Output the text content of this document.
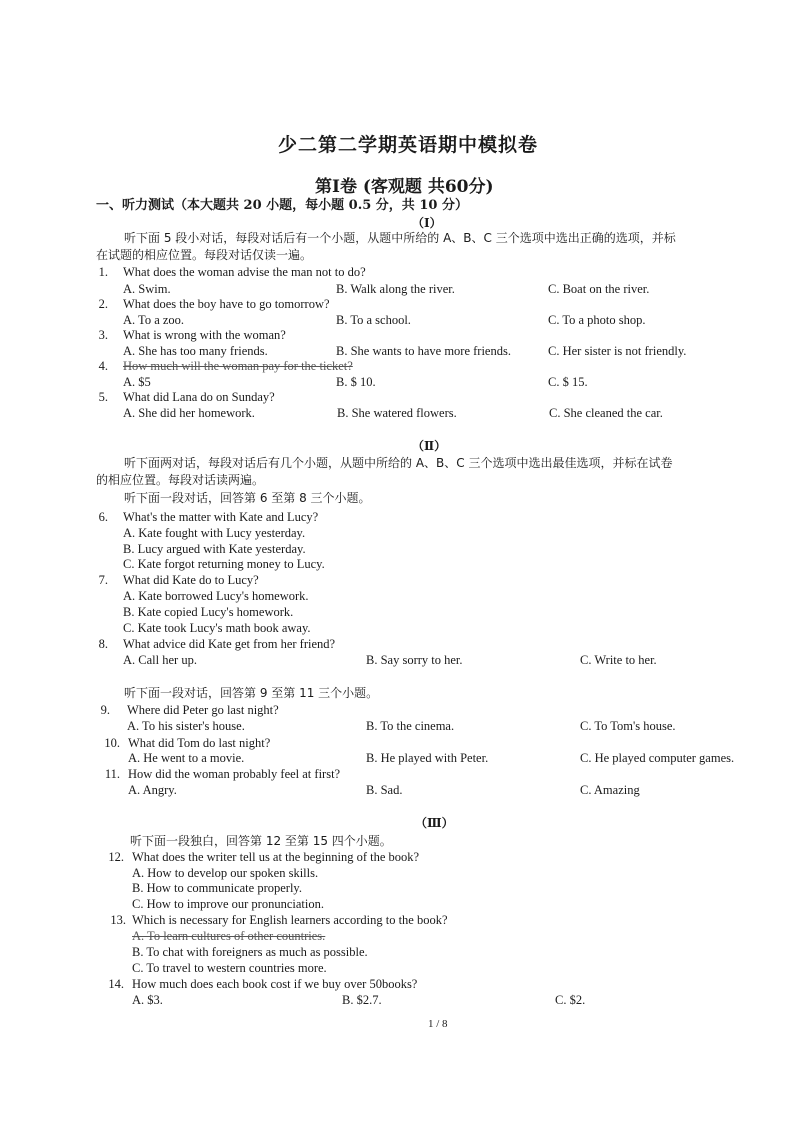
少二第二学期英语期中模拟卷
第Ⅰ卷 (客观题 共60分)
一、听力测试（本大题共 20 小题，每小题 0.5 分，共 10 分）
（Ⅰ）
听下面 5 段小对话，每段对话后有一个小题，从题中所给的 A、B、C 三个选项中选出正确的选项，并标
在试题的相应位置。每段对话仅读一遍。
1. What does the woman advise the man not to do?
A. Swim.	B. Walk along the river.	C. Boat on the river.
2. What does the boy have to go tomorrow?
A. To a zoo.	B. To a school.	C. To a photo shop.
3. What is wrong with the woman?
A. She has too many friends.	B. She wants to have more friends.	C. Her sister is not friendly.
4. How much will the woman pay for the ticket?
A. $5	B. $ 10.	C. $ 15.
5. What did Lana do on Sunday?
A. She did her homework.	B. She watered flowers.	C. She cleaned the car.
（Ⅱ）
听下面两对话，每段对话后有几个小题，从题中所给的 A、B、C 三个选项中选出最佳选项，并标在试卷
的相应位置。每段对话读两遍。
听下面一段对话，回答第 6 至第 8 三个小题。
6. What's the matter with Kate and Lucy?
A. Kate fought with Lucy yesterday.
B. Lucy argued with Kate yesterday.
C. Kate forgot returning money to Lucy.
7. What did Kate do to Lucy?
A. Kate borrowed Lucy's homework.
B. Kate copied Lucy's homework.
C. Kate took Lucy's math book away.
8. What advice did Kate get from her friend?
A. Call her up.	B. Say sorry to her.	C. Write to her.
听下面一段对话，回答第 9 至第 11 三个小题。
9. Where did Peter go last night?
A. To his sister's house.	B. To the cinema.	C. To Tom's house.
10. What did Tom do last night?
A. He went to a movie.	B. He played with Peter.	C. He played computer games.
11. How did the woman probably feel at first?
A. Angry.	B. Sad.	C. Amazing
（Ⅲ）
听下面一段独白，回答第 12 至第 15 四个小题。
12. What does the writer tell us at the beginning of the book?
A. How to develop our spoken skills.
B. How to communicate properly.
C. How to improve our pronunciation.
13. Which is necessary for English learners according to the book?
A. To learn cultures of other countries.
B. To chat with foreigners as much as possible.
C. To travel to western countries more.
14. How much does each book cost if we buy over 50books?
A. $3.	B. $2.7.	C. $2.
1 / 8
